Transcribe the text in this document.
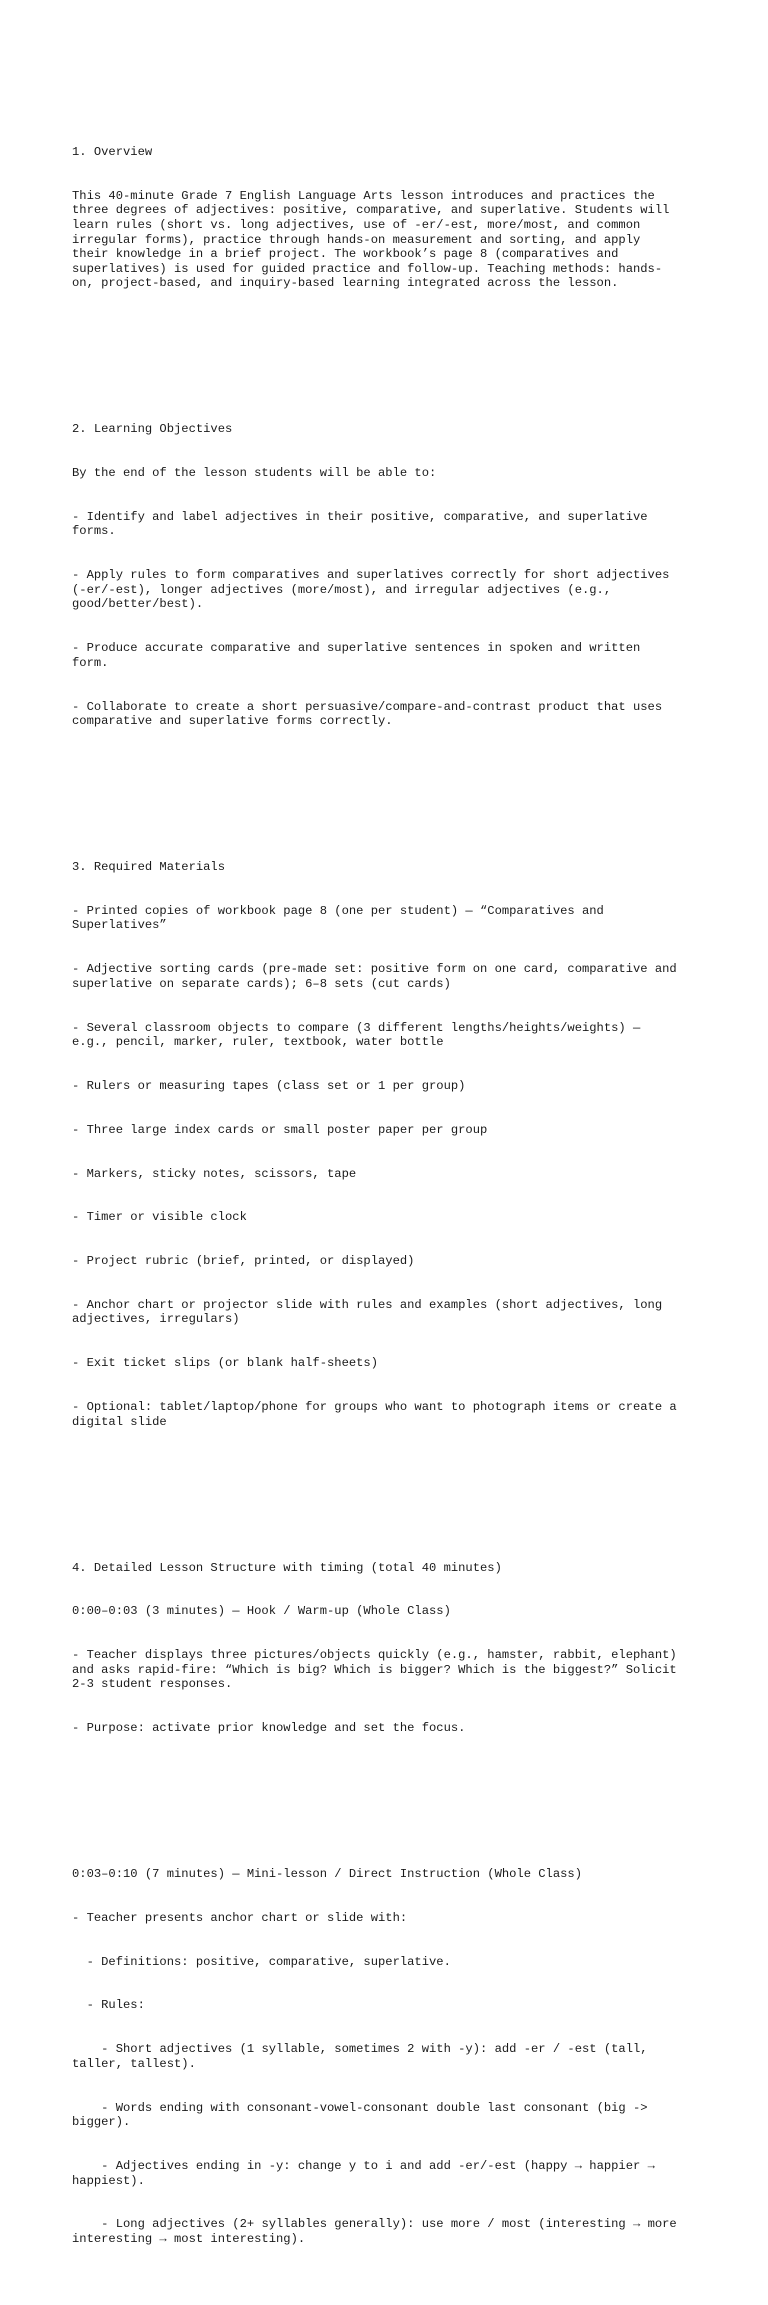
1. Overview

This 40-minute Grade 7 English Language Arts lesson introduces and practices the
three degrees of adjectives: positive, comparative, and superlative. Students will
learn rules (short vs. long adjectives, use of -er/-est, more/most, and common
irregular forms), practice through hands-on measurement and sorting, and apply
their knowledge in a brief project. The workbook’s page 8 (comparatives and
superlatives) is used for guided practice and follow-up. Teaching methods: hands-
on, project-based, and inquiry-based learning integrated across the lesson.

2. Learning Objectives

By the end of the lesson students will be able to:

- Identify and label adjectives in their positive, comparative, and superlative
forms.

- Apply rules to form comparatives and superlatives correctly for short adjectives
(-er/-est), longer adjectives (more/most), and irregular adjectives (e.g.,
good/better/best).

- Produce accurate comparative and superlative sentences in spoken and written
form.

- Collaborate to create a short persuasive/compare-and-contrast product that uses
comparative and superlative forms correctly.

3. Required Materials

- Printed copies of workbook page 8 (one per student) — “Comparatives and
Superlatives”

- Adjective sorting cards (pre-made set: positive form on one card, comparative and
superlative on separate cards); 6–8 sets (cut cards)

- Several classroom objects to compare (3 different lengths/heights/weights) —
e.g., pencil, marker, ruler, textbook, water bottle

- Rulers or measuring tapes (class set or 1 per group)

- Three large index cards or small poster paper per group

- Markers, sticky notes, scissors, tape

- Timer or visible clock

- Project rubric (brief, printed, or displayed)

- Anchor chart or projector slide with rules and examples (short adjectives, long
adjectives, irregulars)

- Exit ticket slips (or blank half-sheets)

- Optional: tablet/laptop/phone for groups who want to photograph items or create a
digital slide

4. Detailed Lesson Structure with timing (total 40 minutes)

0:00–0:03 (3 minutes) — Hook / Warm-up (Whole Class)

- Teacher displays three pictures/objects quickly (e.g., hamster, rabbit, elephant)
and asks rapid-fire: “Which is big? Which is bigger? Which is the biggest?” Solicit
2-3 student responses.

- Purpose: activate prior knowledge and set the focus.

0:03–0:10 (7 minutes) — Mini-lesson / Direct Instruction (Whole Class)

- Teacher presents anchor chart or slide with:

- Definitions: positive, comparative, superlative.

- Rules:

- Short adjectives (1 syllable, sometimes 2 with -y): add -er / -est (tall,
taller, tallest).

- Words ending with consonant-vowel-consonant double last consonant (big ->
bigger).

- Adjectives ending in -y: change y to i and add -er/-est (happy → happier →
happiest).

- Long adjectives (2+ syllables generally): use more / most (interesting → more
interesting → most interesting).
